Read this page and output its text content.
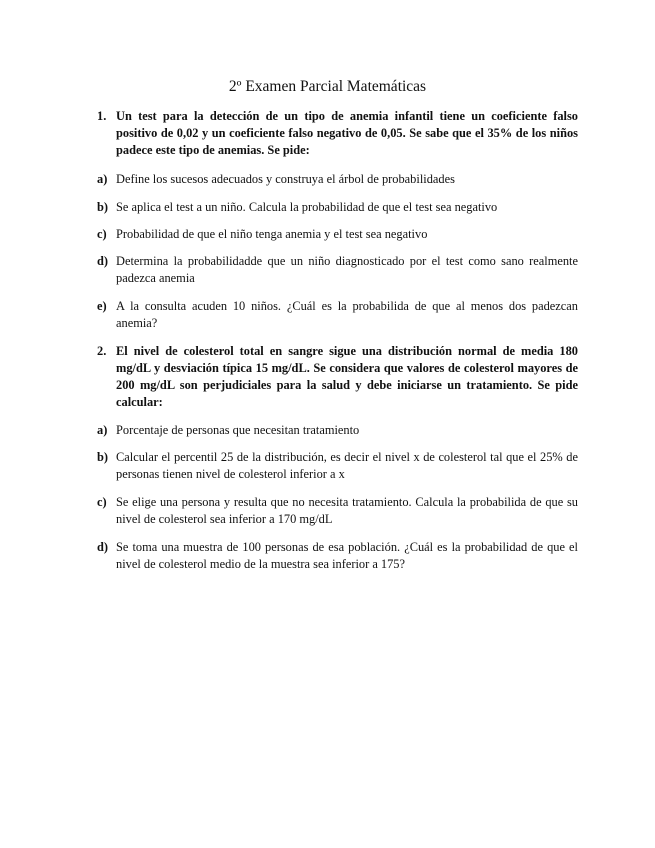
2º Examen Parcial Matemáticas
1. Un test para la detección de un tipo de anemia infantil tiene un coeficiente falso positivo de 0,02 y un coeficiente falso negativo de 0,05. Se sabe que el 35% de los niños padece este tipo de anemias. Se pide:
a) Define los sucesos adecuados y construya el árbol de probabilidades
b) Se aplica el test a un niño. Calcula la probabilidad de que el test sea negativo
c) Probabilidad de que el niño tenga anemia y el test sea negativo
d) Determina la probabilidadde que un niño diagnosticado por el test como sano realmente padezca anemia
e) A la consulta acuden 10 niños. ¿Cuál es la probabilida de que al menos dos padezcan anemia?
2. El nivel de colesterol total en sangre sigue una distribución normal de media 180 mg/dL y desviación típica 15 mg/dL. Se considera que valores de colesterol mayores de 200 mg/dL son perjudiciales para la salud y debe iniciarse un tratamiento. Se pide calcular:
a) Porcentaje de personas que necesitan tratamiento
b) Calcular el percentil 25 de la distribución, es decir el nivel x de colesterol tal que el 25% de personas tienen nivel de colesterol inferior a x
c) Se elige una persona y resulta que no necesita tratamiento. Calcula la probabilida de que su nivel de colesterol sea inferior a 170 mg/dL
d) Se toma una muestra de 100 personas de esa población. ¿Cuál es la probabilidad de que el nivel de colesterol medio de la muestra sea inferior a 175?
